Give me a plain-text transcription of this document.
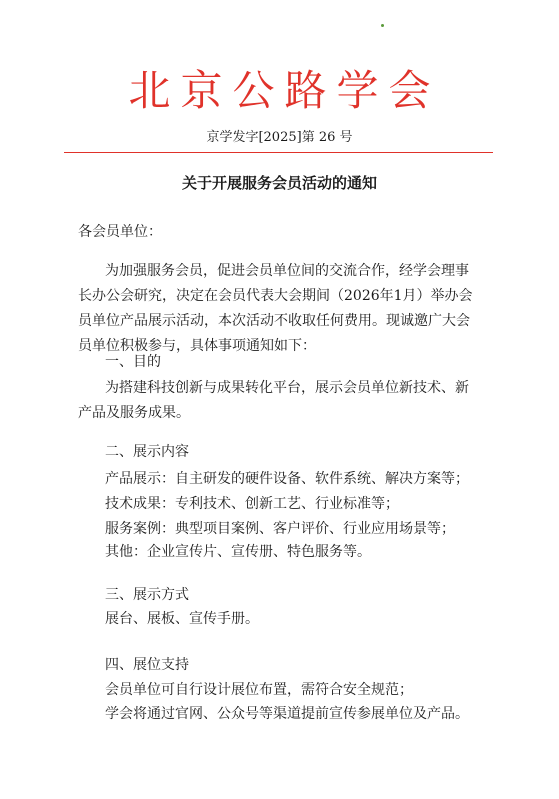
北京公路学会
京学发字[2025]第 26 号
关于开展服务会员活动的通知
各会员单位：
为加强服务会员，促进会员单位间的交流合作，经学会理事
长办公会研究，决定在会员代表大会期间（2026年1月）举办会
员单位产品展示活动，本次活动不收取任何费用。现诚邀广大会
员单位积极参与，具体事项通知如下：
一、目的
为搭建科技创新与成果转化平台，展示会员单位新技术、新
产品及服务成果。
二、展示内容
产品展示：自主研发的硬件设备、软件系统、解决方案等；
技术成果：专利技术、创新工艺、行业标准等；
服务案例：典型项目案例、客户评价、行业应用场景等；
其他：企业宣传片、宣传册、特色服务等。
三、展示方式
展台、展板、宣传手册。
四、展位支持
会员单位可自行设计展位布置，需符合安全规范；
学会将通过官网、公众号等渠道提前宣传参展单位及产品。
